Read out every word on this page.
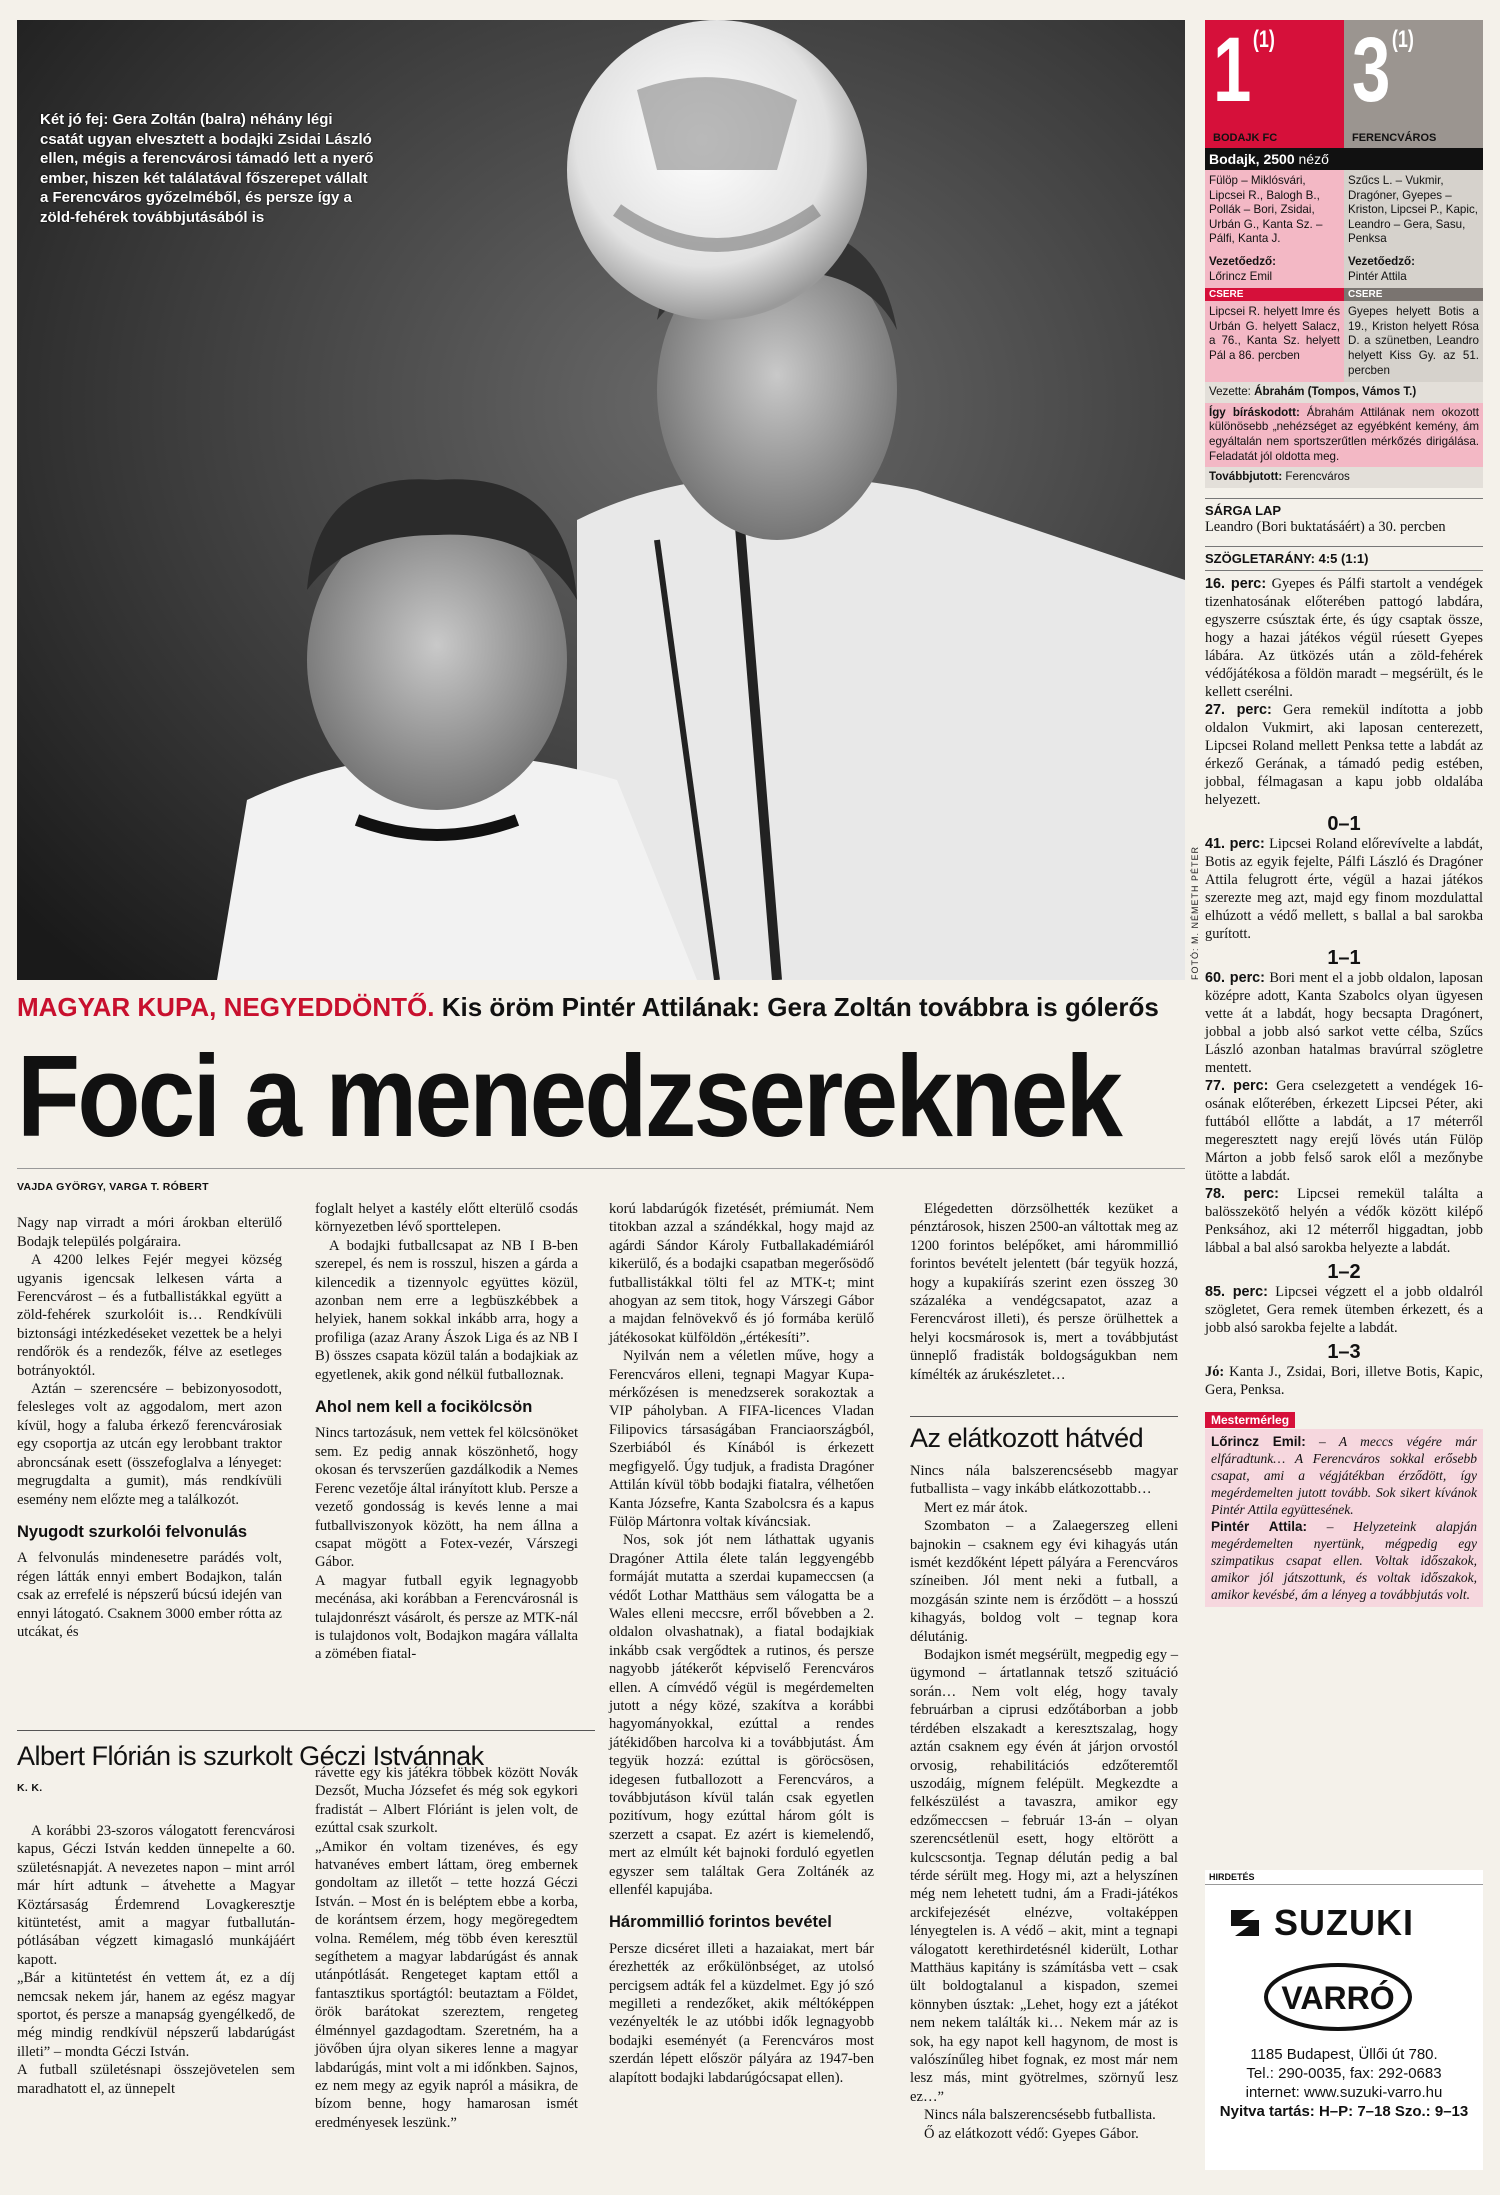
Két jó fej: Gera Zoltán (balra) néhány légi csatát ugyan elvesztett a bodajki Zsidai László ellen, mégis a ferencvárosi támadó lett a nyerő ember, hiszen két találatával főszerepet vállalt a Ferencváros győzelméből, és persze így a zöld-fehérek továbbjutásából is
FOTÓ: M. NÉMETH PÉTER
MAGYAR KUPA, NEGYEDDÖNTŐ. Kis öröm Pintér Attilának: Gera Zoltán továbbra is gólerős
Foci a menedzsereknek

VAJDA GYÖRGY, VARGA T. RÓBERT

Nagy nap virradt a móri árokban elterülő Bodajk település polgáraira.

A 4200 lelkes Fejér megyei község ugyanis igencsak lelkesen várta a Ferencvárost – és a futballistákkal együtt a zöld-fehérek szurkolóit is… Rendkívüli biztonsági intézkedéseket vezettek be a helyi rendőrök és a rendezők, félve az esetleges botrányoktól.

Aztán – szerencsére – bebizonyosodott, felesleges volt az aggodalom, mert azon kívül, hogy a faluba érkező ferencvárosiak egy csoportja az utcán egy lerobbant traktor abroncsának esett (összefoglalva a lényeget: megrugdalta a gumit), más rendkívüli esemény nem előzte meg a találkozót.

Nyugodt szurkolói felvonulás

A felvonulás mindenesetre parádés volt, régen látták ennyi embert Bodajkon, talán csak az errefelé is népszerű búcsú idején van ennyi látogató. Csaknem 3000 ember rótta az utcákat, és

foglalt helyet a kastély előtt elterülő csodás környezetben lévő sporttelepen.

A bodajki futballcsapat az NB I B-ben szerepel, és nem is rosszul, hiszen a gárda a kilencedik a tizennyolc együttes közül, azonban nem erre a legbüszkébbek a helyiek, hanem sokkal inkább arra, hogy a profiliga (azaz Arany Ászok Liga és az NB I B) összes csapata közül talán a bodajkiak az egyetlenek, akik gond nélkül futballoznak.

Ahol nem kell a focikölcsön

Nincs tartozásuk, nem vettek fel kölcsönöket sem. Ez pedig annak köszönhető, hogy okosan és tervszerűen gazdálkodik a Nemes Ferenc vezetője által irányított klub. Persze a vezető gondosság is kevés lenne a mai futballviszonyok között, ha nem állna a csapat mögött a Fotex-vezér, Várszegi Gábor.
A magyar futball egyik legnagyobb mecénása, aki korábban a Ferencvárosnál is tulajdonrészt vásárolt, és persze az MTK-nál is tulajdonos volt, Bodajkon magára vállalta a zömében fiatal-

korú labdarúgók fizetését, prémiumát. Nem titokban azzal a szándékkal, hogy majd az agárdi Sándor Károly Futballakadémiáról kikerülő, és a bodajki csapatban megerősödő futballistákkal tölti fel az MTK-t; mint ahogyan az sem titok, hogy Várszegi Gábor a majdan felnövekvő és jó formába kerülő játékosokat külföldön „értékesíti”.

Nyilván nem a véletlen műve, hogy a Ferencváros elleni, tegnapi Magyar Kupa-mérkőzésen is menedzserek sorakoztak a VIP páholyban. A FIFA-licences Vladan Filipovics társaságában Franciaországból, Szerbiából és Kínából is érkezett megfigyelő. Úgy tudjuk, a fradista Dragóner Attilán kívül több bodajki fiatalra, vélhetően Kanta Józsefre, Kanta Szabolcsra és a kapus Fülöp Mártonra voltak kíváncsiak.

Nos, sok jót nem láthattak ugyanis Dragóner Attila élete talán leggyengébb formáját mutatta a szerdai kupameccsen (a védőt Lothar Matthäus sem válogatta be a Wales elleni meccsre, erről bővebben a 2. oldalon olvashatnak), a fiatal bodajkiak inkább csak vergődtek a rutinos, és persze nagyobb játékerőt képviselő Ferencváros ellen. A címvédő végül is megérdemelten jutott a négy közé, szakítva a korábbi hagyományokkal, ezúttal a rendes játékidőben harcolva ki a továbbjutást. Ám tegyük hozzá: ezúttal is göröcsösen, idegesen futballozott a Ferencváros, a továbbjutáson kívül talán csak egyetlen pozitívum, hogy ezúttal három gólt is szerzett a csapat. Ez azért is kiemelendő, mert az elmúlt két bajnoki forduló egyetlen egyszer sem találtak Gera Zoltánék az ellenfél kapujába.

Hárommillió forintos bevétel

Persze dicséret illeti a hazaiakat, mert bár érezhették az erőkülönbséget, az utolsó percigsem adták fel a küzdelmet. Egy jó szó megilleti a rendezőket, akik méltóképpen vezényelték le az utóbbi idők legnagyobb bodajki eseményét (a Ferencváros most szerdán lépett először pályára az 1947-ben alapított bodajki labdarúgócsapat ellen).

Elégedetten dörzsölhették kezüket a pénztárosok, hiszen 2500-an váltottak meg az 1200 forintos belépőket, ami hárommillió forintos bevételt jelentett (bár tegyük hozzá, hogy a kupakiírás szerint ezen összeg 30 százaléka a vendégcsapatot, azaz a Ferencvárost illeti), és persze örülhettek a helyi kocsmárosok is, mert a továbbjutást ünneplő fradisták boldogságukban nem kímélték az árukészletet…

Az elátkozott hátvéd

Nincs nála balszerencsésebb magyar futballista – vagy inkább elátkozottabb…

Mert ez már átok.

Szombaton – a Zalaegerszeg elleni bajnokin – csaknem egy évi kihagyás után ismét kezdőként lépett pályára a Ferencváros színeiben. Jól ment neki a futball, a mozgásán szinte nem is érződött – a hosszú kihagyás, boldog volt – tegnap kora délutánig.

Bodajkon ismét megsérült, megpedig egy – ügymond – ártatlannak tetsző szituáció során… Nem volt elég, hogy tavaly februárban a ciprusi edzőtáborban a jobb térdében elszakadt a keresztszalag, hogy aztán csaknem egy évén át járjon orvostól orvosig, rehabilitációs edzőteremtől uszodáig, mígnem felépült. Megkezdte a felkészülést a tavaszra, amikor egy edzőmeccsen – február 13-án – olyan szerencsétlenül esett, hogy eltörött a kulcscsontja. Tegnap délután pedig a bal térde sérült meg. Hogy mi, azt a helyszínen még nem lehetett tudni, ám a Fradi-játékos arckifejezését elnézve, voltaképpen lényegtelen is. A védő – akit, mint a tegnapi válogatott kerethirdetésnél kiderült, Lothar Matthäus kapitány is számításba vett – csak ült boldogtalanul a kispadon, szemei könnyben úsztak: „Lehet, hogy ezt a játékot nem nekem találták ki… Nekem már az is sok, ha egy napot kell hagynom, de most is valószínűleg hibet fognak, ez most már nem lesz más, mint gyötrelmes, szörnyű lesz ez…”

Nincs nála balszerencsésebb futballista.

Ő az elátkozott védő: Gyepes Gábor.

Albert Flórián is szurkolt Géczi Istvánnak

K. K.

A korábbi 23-szoros válogatott ferencvárosi kapus, Géczi István kedden ünnepelte a 60. születésnapját. A nevezetes napon – mint arról már hírt adtunk – átvehette a Magyar Köztársaság Érdemrend Lovagkeresztje kitüntetést, amit a magyar futballután-pótlásában végzett kimagasló munkájáért kapott.
„Bár a kitüntetést én vettem át, ez a díj nemcsak nekem jár, hanem az egész magyar sportot, és persze a manapság gyengélkedő, de még mindig rendkívül népszerű labdarúgást illeti” – mondta Géczi István.
A futball születésnapi összejövetelen sem maradhatott el, az ünnepelt

rávette egy kis játékra többek között Novák Dezsőt, Mucha Józsefet és még sok egykori fradistát – Albert Flóriánt is jelen volt, de ezúttal csak szurkolt.
„Amikor én voltam tizenéves, és egy hatvanéves embert láttam, öreg embernek gondoltam az illetőt – tette hozzá Géczi István. – Most én is beléptem ebbe a korba, de korántsem érzem, hogy megöregedtem volna. Remélem, még több éven keresztül segíthetem a magyar labdarúgást és annak utánpótlását. Rengeteget kaptam ettől a fantasztikus sportágtól: beutaztam a Földet, örök barátokat szereztem, rengeteg élménnyel gazdagodtam. Szeretném, ha a jövőben újra olyan sikeres lenne a magyar labdarúgás, mint volt a mi időnkben. Sajnos, ez nem megy az egyik napról a másikra, de bízom benne, hogy hamarosan ismét eredményesek leszünk.”

1$^{(1)}$
BODAJK FC
3$^{(1)}$
FERENCVÁROS
Bodajk, 2500 néző
Fülöp – Miklósvári, Lipcsei R., Balogh B., Pollák – Bori, Zsidai, Urbán G., Kanta Sz. – Pálfi, Kanta J.
Szűcs L. – Vukmir, Dragóner, Gyepes – Kriston, Lipcsei P., Kapic, Leandro – Gera, Sasu, Penksa
Vezetőedző:
Lőrincz Emil
Vezetőedző:
Pintér Attila
CSERE	CSERE
Lipcsei R. helyett Imre és Urbán G. helyett Salacz, a 76., Kanta Sz. helyett Pál a 86. percben
Gyepes helyett Botis a 19., Kriston helyett Rósa D. a szünetben, Leandro helyett Kiss Gy. az 51. percben
Vezette: Ábrahám (Tompos, Vámos T.)
Így bíráskodott: Ábrahám Attilának nem okozott különösebb „nehézséget az egyébként kemény, ám egyáltalán nem sportszerűtlen mérkőzés dirigálása. Feladatát jól oldotta meg.
Továbbjutott: Ferencváros
SÁRGA LAP
Leandro (Bori buktatásáért) a 30. percben
SZÖGLETARÁNY: 4:5 (1:1)

16. perc: Gyepes és Pálfi startolt a vendégek tizenhatosának előterében pattogó labdára, egyszerre csúsztak érte, és úgy csaptak össze, hogy a hazai játékos végül rúesett Gyepes lábára. Az ütközés után a zöld-fehérek védőjátékosa a földön maradt – megsérült, és le kellett cserélni.

27. perc: Gera remekül indította a jobb oldalon Vukmirt, aki laposan centerezett, Lipcsei Roland mellett Penksa tette a labdát az érkező Gerának, a támadó pedig estében, jobbal, félmagasan a kapu jobb oldalába helyezett.

0–1

41. perc: Lipcsei Roland előrevívelte a labdát, Botis az egyik fejelte, Pálfi László és Dragóner Attila felugrott érte, végül a hazai játékos szerezte meg azt, majd egy finom mozdulattal elhúzott a védő mellett, s ballal a bal sarokba gurított.

1–1

60. perc: Bori ment el a jobb oldalon, laposan középre adott, Kanta Szabolcs olyan ügyesen vette át a labdát, hogy becsapta Dragónert, jobbal a jobb alsó sarkot vette célba, Szűcs László azonban hatalmas bravúrral szögletre mentett.

77. perc: Gera cselezgetett a vendégek 16-osának előterében, érkezett Lipcsei Péter, aki futtából ellőtte a labdát, a 17 méterről megeresztett nagy erejű lövés után Fülöp Márton a jobb felső sarok elől a mezőnybe ütötte a labdát.

78. perc: Lipcsei remekül találta a balösszekötő helyén a védők között kilépő Penksához, aki 12 méterről higgadtan, jobb lábbal a bal alsó sarokba helyezte a labdát.

1–2

85. perc: Lipcsei végzett el a jobb oldalról szögletet, Gera remek ütemben érkezett, és a jobb alsó sarokba fejelte a labdát.

1–3

Jó: Kanta J., Zsidai, Bori, illetve Botis, Kapic, Gera, Penksa.

Mestermérleg

Lőrincz Emil: – A meccs végére már elfáradtunk… A Ferencváros sokkal erősebb csapat, ami a végjátékban érződött, így megérdemelten jutott tovább. Sok sikert kívánok Pintér Attila együttesének.

Pintér Attila: – Helyzeteink alapján megérdemelten nyertünk, mégpedig egy szimpatikus csapat ellen. Voltak időszakok, amikor jól játszottunk, és voltak időszakok, amikor kevésbé, ám a lényeg a továbbjutás volt.

HIRDETÉS
SUZUKI
VARRÓ
1185 Budapest, Üllői út 780.
Tel.: 290-0035, fax: 292-0683
internet: www.suzuki-varro.hu
Nyitva tartás: H–P: 7–18 Szo.: 9–13
